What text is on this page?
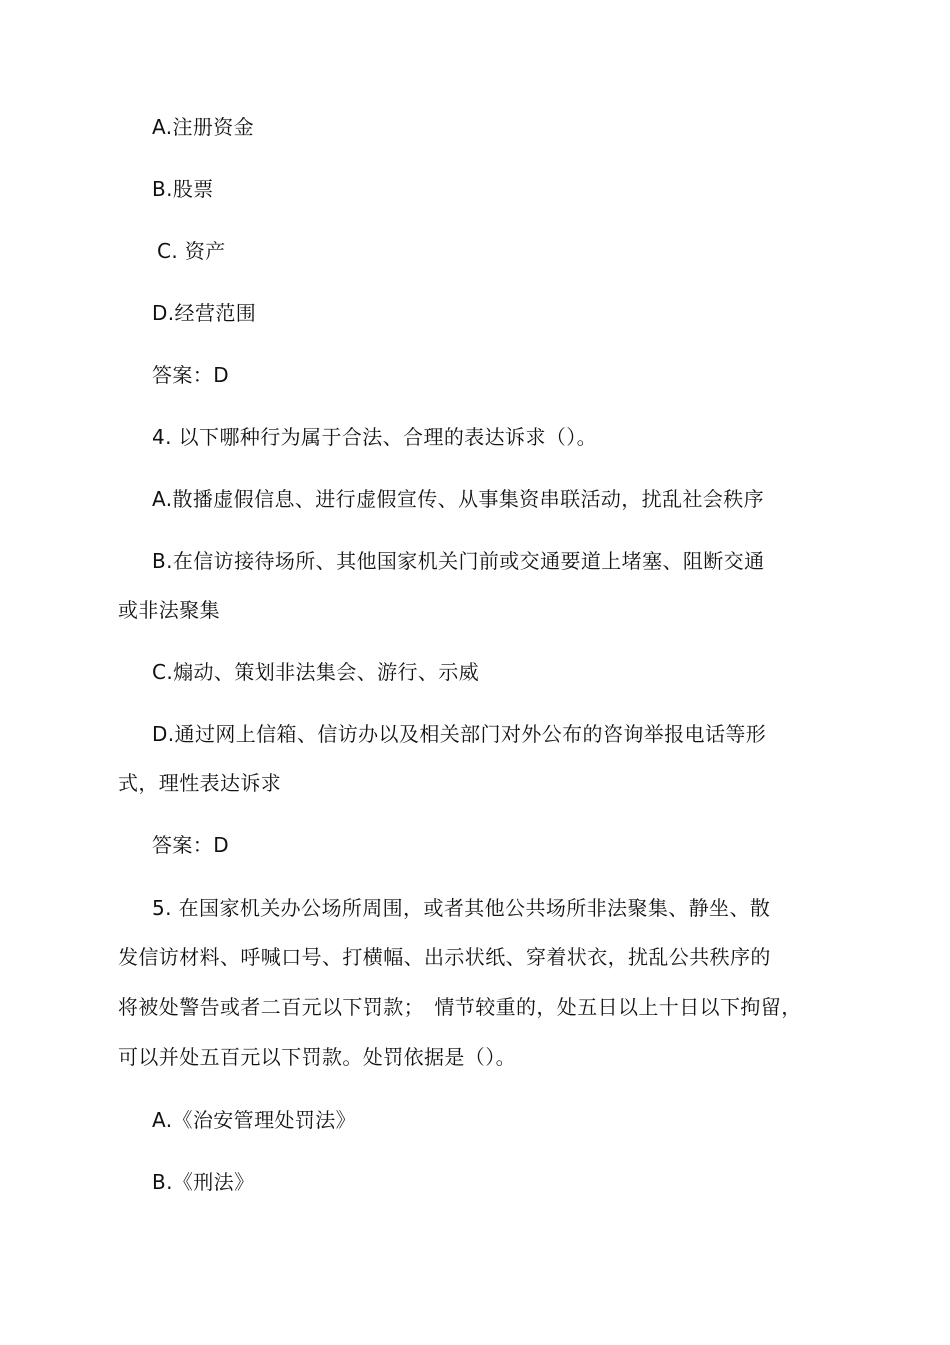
A.注册资金
B.股票
C. 资产
D.经营范围
答案：D
4. 以下哪种行为属于合法、合理的表达诉求（）。
A.散播虚假信息、进行虚假宣传、从事集资串联活动，扰乱社会秩序
B.在信访接待场所、其他国家机关门前或交通要道上堵塞、阻断交通
或非法聚集
C.煽动、策划非法集会、游行、示威
D.通过网上信箱、信访办以及相关部门对外公布的咨询举报电话等形
式，理性表达诉求
答案：D
5. 在国家机关办公场所周围，或者其他公共场所非法聚集、静坐、散
发信访材料、呼喊口号、打横幅、出示状纸、穿着状衣，扰乱公共秩序的
将被处警告或者二百元以下罚款；　情节较重的，处五日以上十日以下拘留，
可以并处五百元以下罚款。处罚依据是（）。
A.《治安管理处罚法》
B.《刑法》
